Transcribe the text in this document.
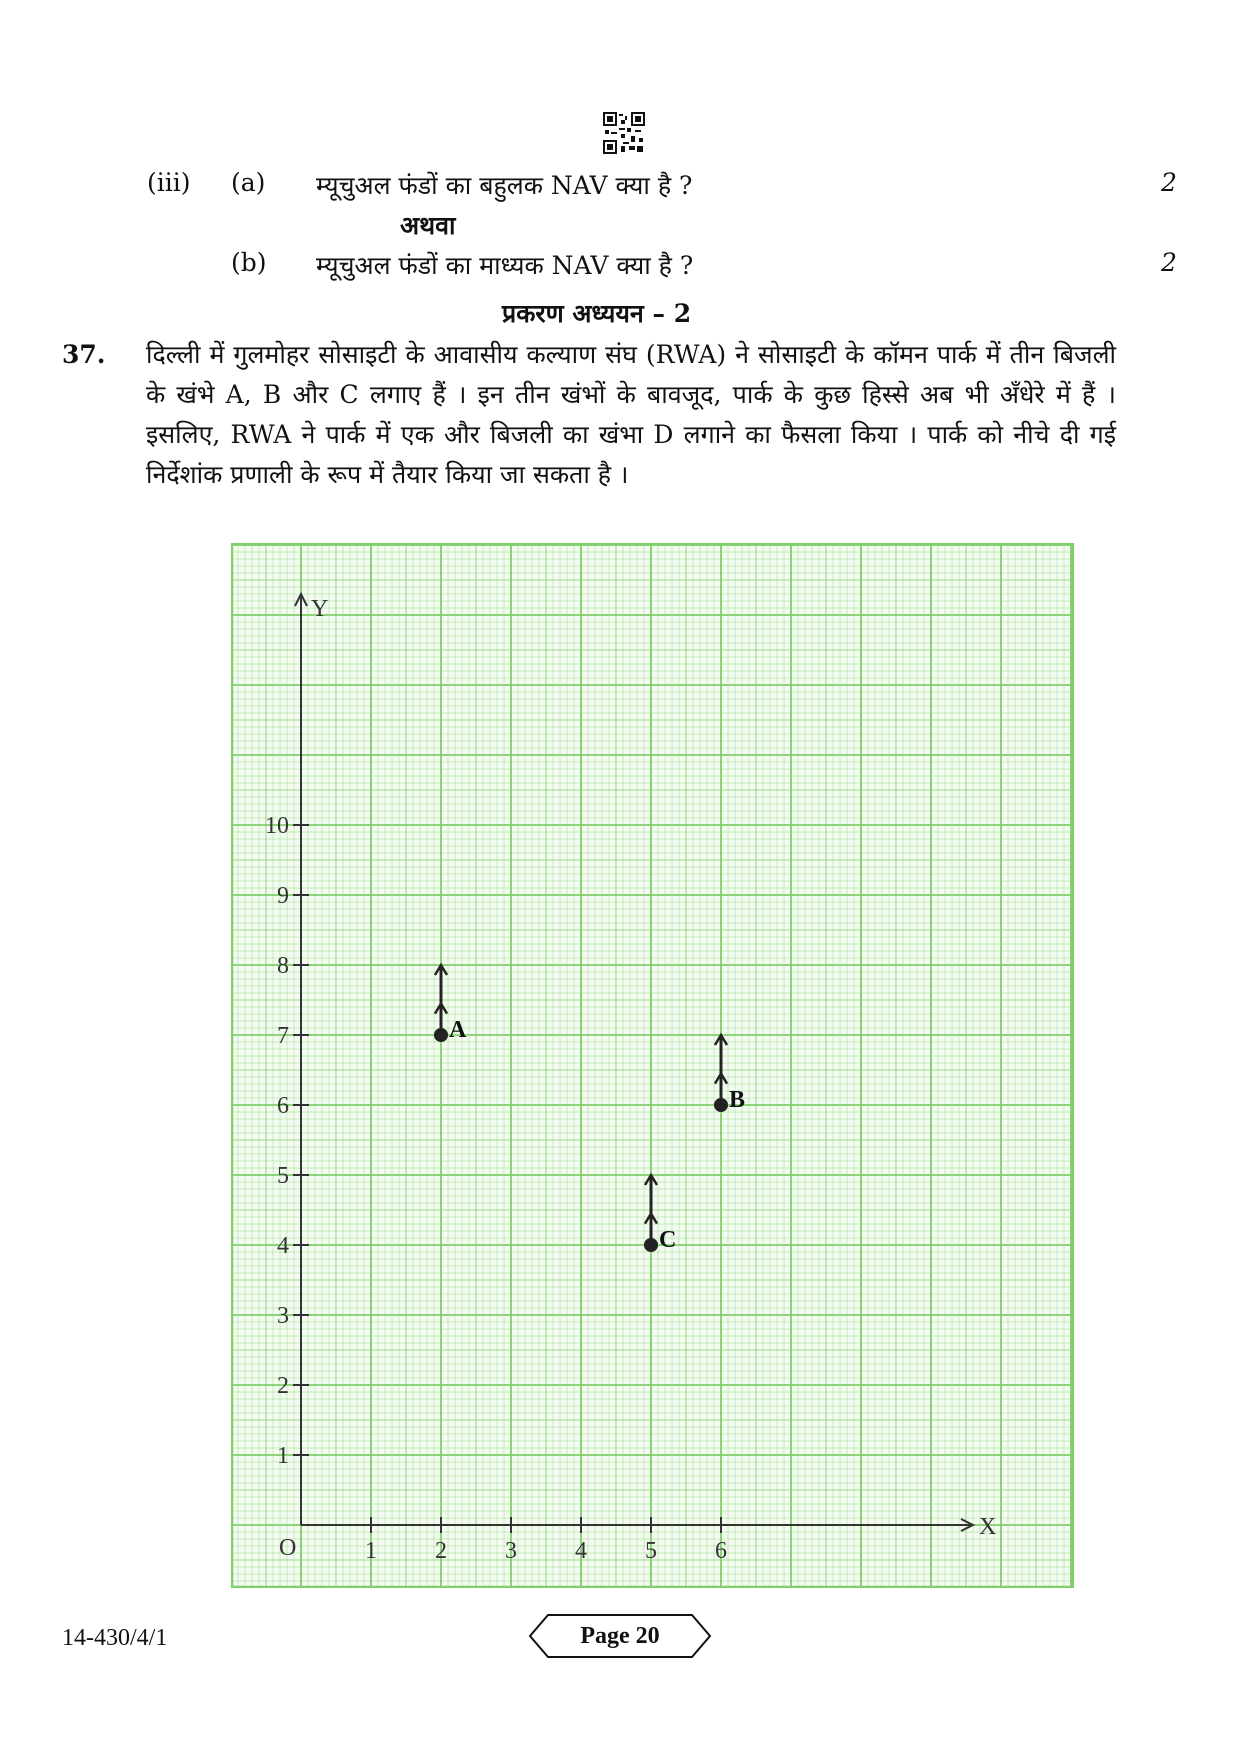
(iii) (a) म्यूचुअल फंडों का बहुलक NAV क्या है ?	2
अथवा
(b) म्यूचुअल फंडों का माध्यक NAV क्या है ?	2
प्रकरण अध्ययन – 2
37. दिल्ली में गुलमोहर सोसाइटी के आवासीय कल्याण संघ (RWA) ने सोसाइटी के कॉमन पार्क में तीन बिजली के खंभे A, B और C लगाए हैं । इन तीन खंभों के बावजूद, पार्क के कुछ हिस्से अब भी अँधेरे में हैं । इसलिए, RWA ने पार्क में एक और बिजली का खंभा D लगाने का फैसला किया । पार्क को नीचे दी गई निर्देशांक प्रणाली के रूप में तैयार किया जा सकता है ।
X
Y
O	1 2 3 4 5 6
1
2
3
4
5
6
7
8
9
10
A
B
C
14-430/4/1	Page 20
